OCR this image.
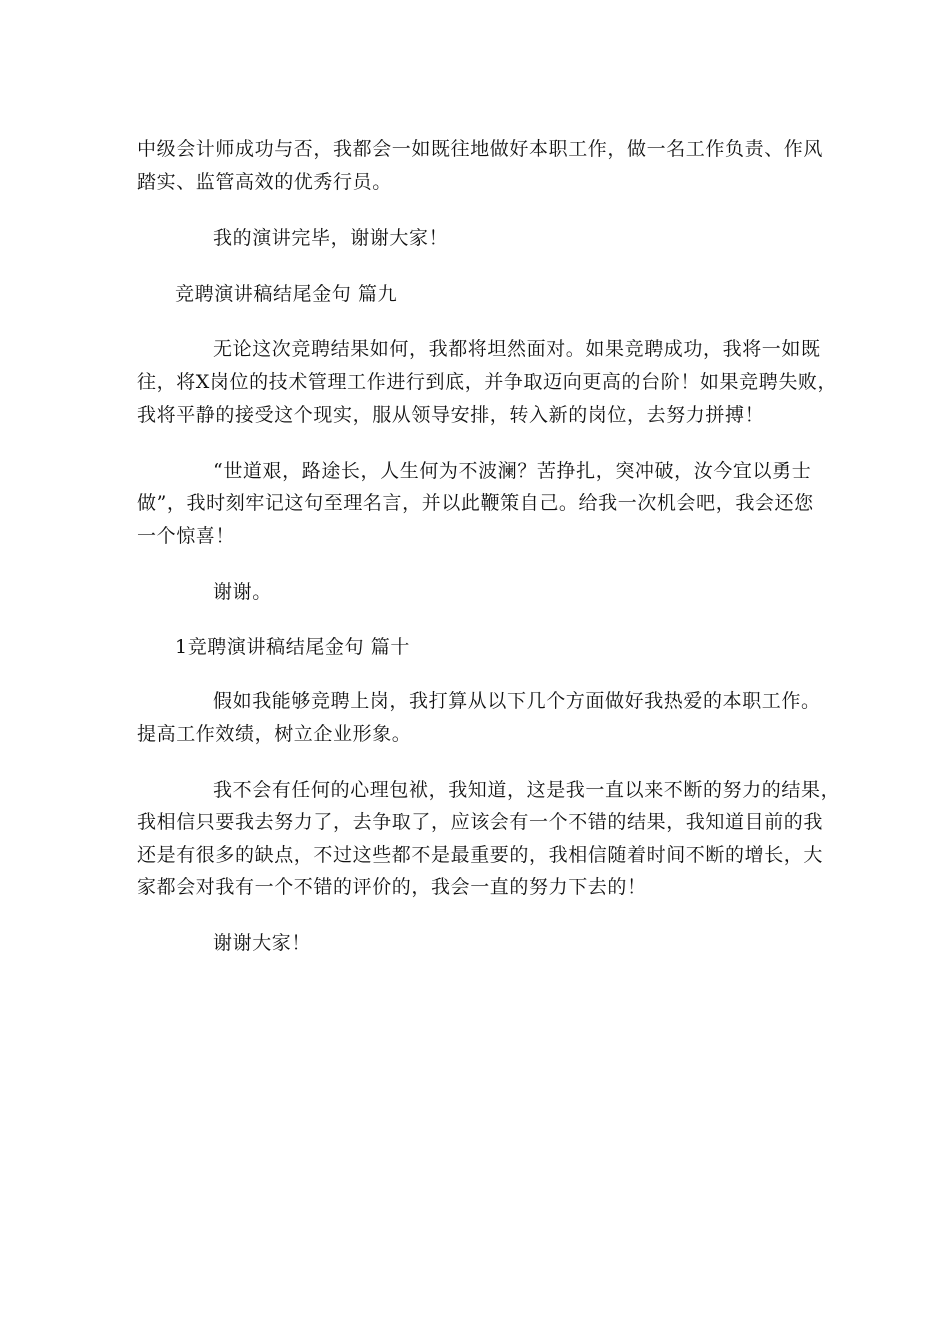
中级会计师成功与否，我都会一如既往地做好本职工作，做一名工作负责、作风
踏实、监管高效的优秀行员。
我的演讲完毕，谢谢大家！
竞聘演讲稿结尾金句 篇九
无论这次竞聘结果如何，我都将坦然面对。如果竞聘成功，我将一如既
往，将X岗位的技术管理工作进行到底，并争取迈向更高的台阶！如果竞聘失败，
我将平静的接受这个现实，服从领导安排，转入新的岗位，去努力拼搏！
“世道艰，路途长，人生何为不波澜？苦挣扎，突冲破，汝今宜以勇士
做”，我时刻牢记这句至理名言，并以此鞭策自己。给我一次机会吧，我会还您
一个惊喜！
谢谢。
1竞聘演讲稿结尾金句 篇十
假如我能够竞聘上岗，我打算从以下几个方面做好我热爱的本职工作。
提高工作效绩，树立企业形象。
我不会有任何的心理包袱，我知道，这是我一直以来不断的努力的结果，
我相信只要我去努力了，去争取了，应该会有一个不错的结果，我知道目前的我
还是有很多的缺点，不过这些都不是最重要的，我相信随着时间不断的增长，大
家都会对我有一个不错的评价的，我会一直的努力下去的！
谢谢大家！
